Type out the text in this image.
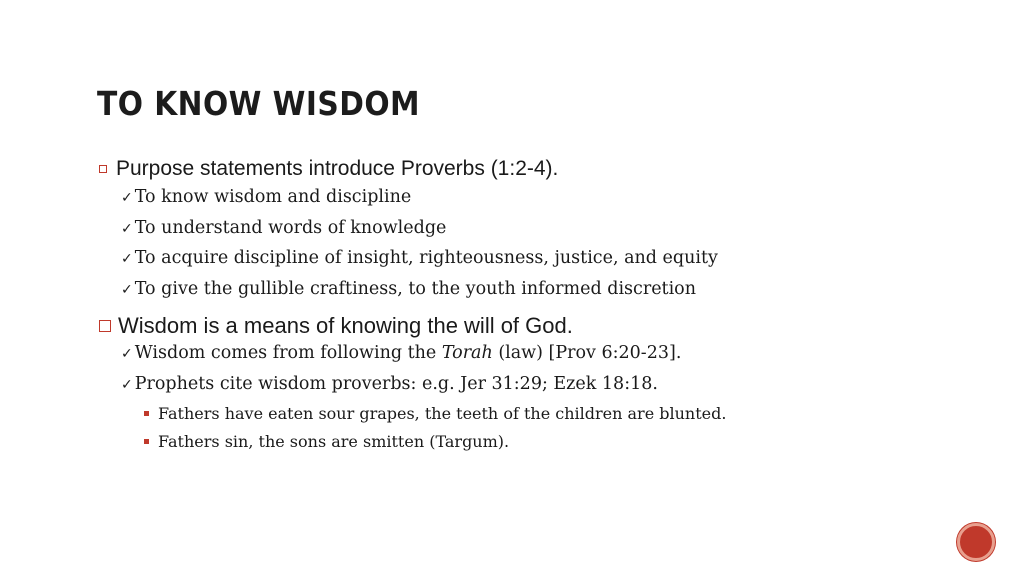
TO KNOW WISDOM
Purpose statements introduce Proverbs (1:2-4).
✓ To know wisdom and discipline
✓ To understand words of knowledge
✓ To acquire discipline of insight, righteousness, justice, and equity
✓ To give the gullible craftiness, to the youth informed discretion
Wisdom is a means of knowing the will of God.
✓ Wisdom comes from following the Torah (law) [Prov 6:20-23].
✓ Prophets cite wisdom proverbs: e.g. Jer 31:29; Ezek 18:18.
Fathers have eaten sour grapes, the teeth of the children are blunted.
Fathers sin, the sons are smitten (Targum).
